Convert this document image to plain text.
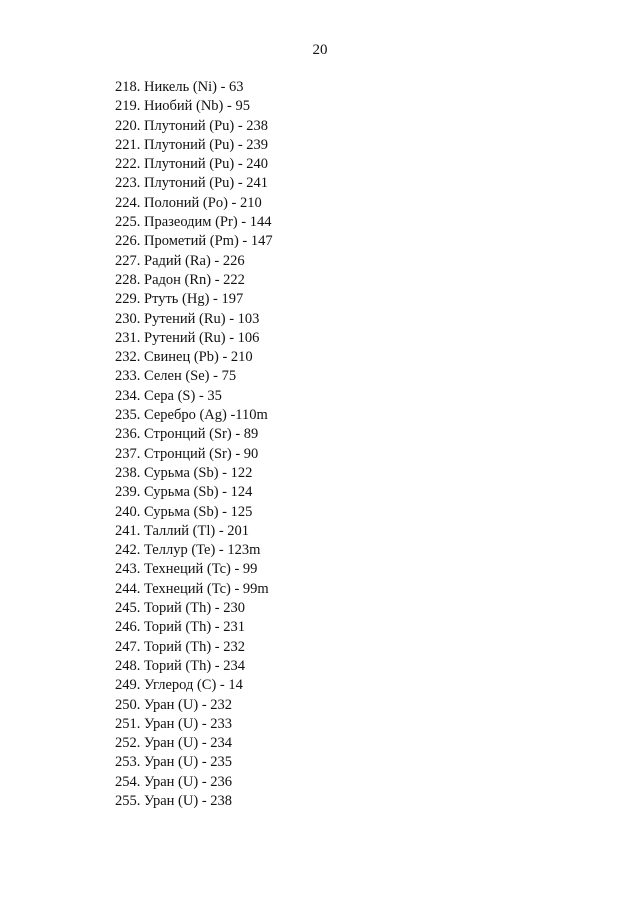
20
218. Никель (Ni) - 63
219. Ниобий (Nb) - 95
220. Плутоний (Pu) - 238
221. Плутоний (Pu) - 239
222. Плутоний (Pu) - 240
223. Плутоний (Pu) - 241
224. Полоний (Po) - 210
225. Празеодим (Pr) - 144
226. Прометий (Pm) - 147
227. Радий (Ra) - 226
228. Радон (Rn) - 222
229. Ртуть (Hg) - 197
230. Рутений (Ru) - 103
231. Рутений (Ru) - 106
232. Свинец (Pb) - 210
233. Селен (Se) - 75
234. Сера (S) - 35
235. Серебро (Ag) -110m
236. Стронций (Sr) - 89
237. Стронций (Sr) - 90
238. Сурьма (Sb) - 122
239. Сурьма (Sb) - 124
240. Сурьма (Sb) - 125
241. Таллий (Tl) - 201
242. Теллур (Te) - 123m
243. Технеций (Tc) - 99
244. Технеций (Tc) - 99m
245. Торий (Th) - 230
246. Торий (Th) - 231
247. Торий (Th) - 232
248. Торий (Th) - 234
249. Углерод (C) - 14
250. Уран (U) - 232
251. Уран (U) - 233
252. Уран (U) - 234
253. Уран (U) - 235
254. Уран (U) - 236
255. Уран (U) - 238
